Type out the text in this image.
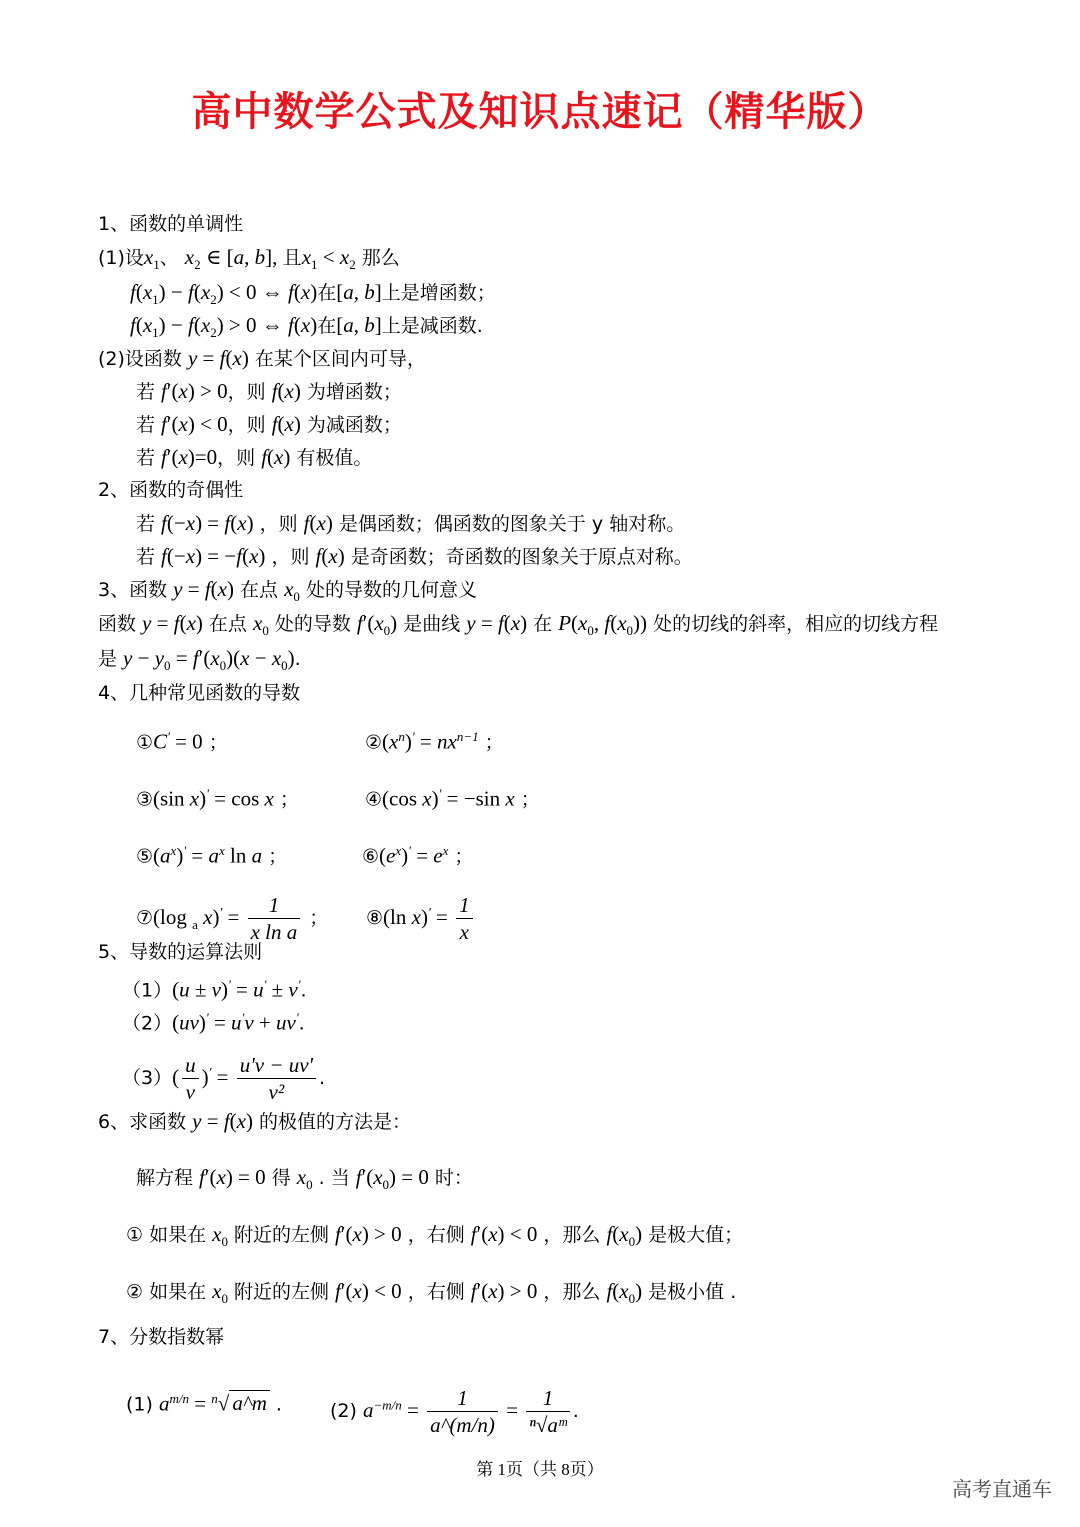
高中数学公式及知识点速记（精华版）
1、函数的单调性
(1)设$x_1$、 $x_2$ ∈ [a, b], 且$x_1 < x_2$ 那么
$f(x_1) - f(x_2) < 0$ ⇔ f(x)在[a, b]上是增函数；
$f(x_1) - f(x_2) > 0$ ⇔ f(x)在[a, b]上是减函数.
(2)设函数 y = f(x) 在某个区间内可导，
若 f′(x) > 0，则 f(x) 为增函数；
若 f′(x) < 0，则 f(x) 为减函数；
若 f′(x)=0，则 f(x) 有极值。
2、函数的奇偶性
若 f(−x) = f(x) ，则 f(x) 是偶函数；偶函数的图象关于 y 轴对称。
若 f(−x) = −f(x) ，则 f(x) 是奇函数；奇函数的图象关于原点对称。
3、函数 y = f(x) 在点 $x_0$ 处的导数的几何意义
函数 y = f(x) 在点 $x_0$ 处的导数 $f'(x_0)$ 是曲线 y = f(x) 在 $P(x_0$, $f(x_0)$) 处的切线的斜率，相应的切线方程
是 $y - y_0 = f'(x_0)(x - x_0)$.
4、几种常见函数的导数
①C' = 0 ；	$②(x^n)' = nx^{n-1}$ ；
③(sin x)' = cos x ；	④(cos x)' = −sin x ；
$⑤(a^x)' = a^x$ ln a ；	$⑥(e^x)' = e^x$ ；
⑦(log $_a$ $x)' = \frac{1}{\text{x ln a}}$ ； ⑧(ln $x)' = \frac{1}{x}$
5、导数的运算法则
（1）(u ± v)' = u' ± v'.
（2）(uv)' = u'v + uv'.
$(3)( \frac{u}{v} )' = \frac{u'v - uv'}{\text{v²}}$ .
6、求函数 y = f(x) 的极值的方法是：
解方程 f′(x) = 0 得 $x_0$ . 当 $f'(x_0) = 0$ 时：
① 如果在 $x_0$ 附近的左侧 f′(x) > 0 ，右侧 f′(x) < 0 ，那么 $f(x_0)$ 是极大值；
② 如果在 $x_0$ 附近的左侧 f′(x) < 0 ，右侧 f′(x) > 0 ，那么 $f(x_0)$ 是极小值 .
7、分数指数幂
(1) $a^{m/n} = ^n√$ a^m .	(2) $a^{-m/n} = \frac{1}{a\^{}(m/n)} = \frac{1}{\text{ⁿ√aᵐ}}$ .
第 1页（共 8页）
高考直通车
